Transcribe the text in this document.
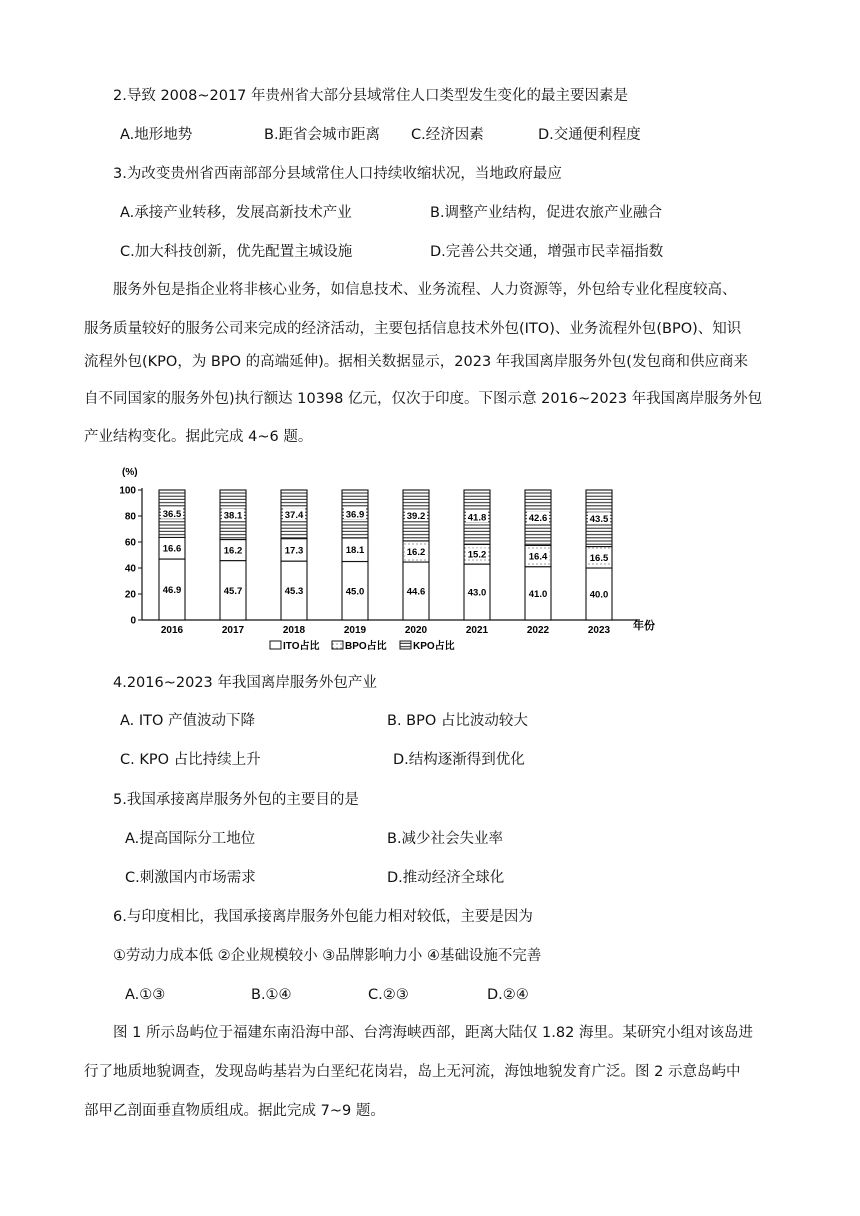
2.导致 2008~2017 年贵州省大部分县域常住人口类型发生变化的最主要因素是
A.地形地势	B.距省会城市距离 C.经济因素	D.交通便利程度
3.为改变贵州省西南部部分县域常住人口持续收缩状况，当地政府最应
A.承接产业转移，发展高新技术产业	B.调整产业结构，促进农旅产业融合
C.加大科技创新，优先配置主城设施	D.完善公共交通，增强市民幸福指数
服务外包是指企业将非核心业务，如信息技术、业务流程、人力资源等，外包给专业化程度较高、
服务质量较好的服务公司来完成的经济活动，主要包括信息技术外包(ITO)、业务流程外包(BPO)、知识
流程外包(KPO，为 BPO 的高端延伸)。据相关数据显示，2023 年我国离岸服务外包(发包商和供应商来
自不同国家的服务外包)执行额达 10398 亿元，仅次于印度。下图示意 2016~2023 年我国离岸服务外包
产业结构变化。据此完成 4~6 题。
(%)
0
20
40
60
80
100
年份
46.9
16.6
36.5
2016
45.7
16.2
38.1
2017
45.3
17.3
37.4
2018
45.0
18.1
36.9
2019
44.6
16.2
39.2
2020
43.0
15.2
41.8
2021
41.0
16.4
42.6
2022
40.0
16.5
43.5
2023
ITO占比	BPO占比	KPO占比
4.2016~2023 年我国离岸服务外包产业
A. ITO 产值波动下降	B. BPO 占比波动较大
C. KPO 占比持续上升	D.结构逐渐得到优化
5.我国承接离岸服务外包的主要目的是
A.提高国际分工地位	B.减少社会失业率
C.刺激国内市场需求	D.推动经济全球化
6.与印度相比，我国承接离岸服务外包能力相对较低，主要是因为
①劳动力成本低 ②企业规模较小 ③品牌影响力小 ④基础设施不完善
A.①③	B.①④	C.②③	D.②④
图 1 所示岛屿位于福建东南沿海中部、台湾海峡西部，距离大陆仅 1.82 海里。某研究小组对该岛进
行了地质地貌调查，发现岛屿基岩为白垩纪花岗岩，岛上无河流，海蚀地貌发育广泛。图 2 示意岛屿中
部甲乙剖面垂直物质组成。据此完成 7~9 题。
